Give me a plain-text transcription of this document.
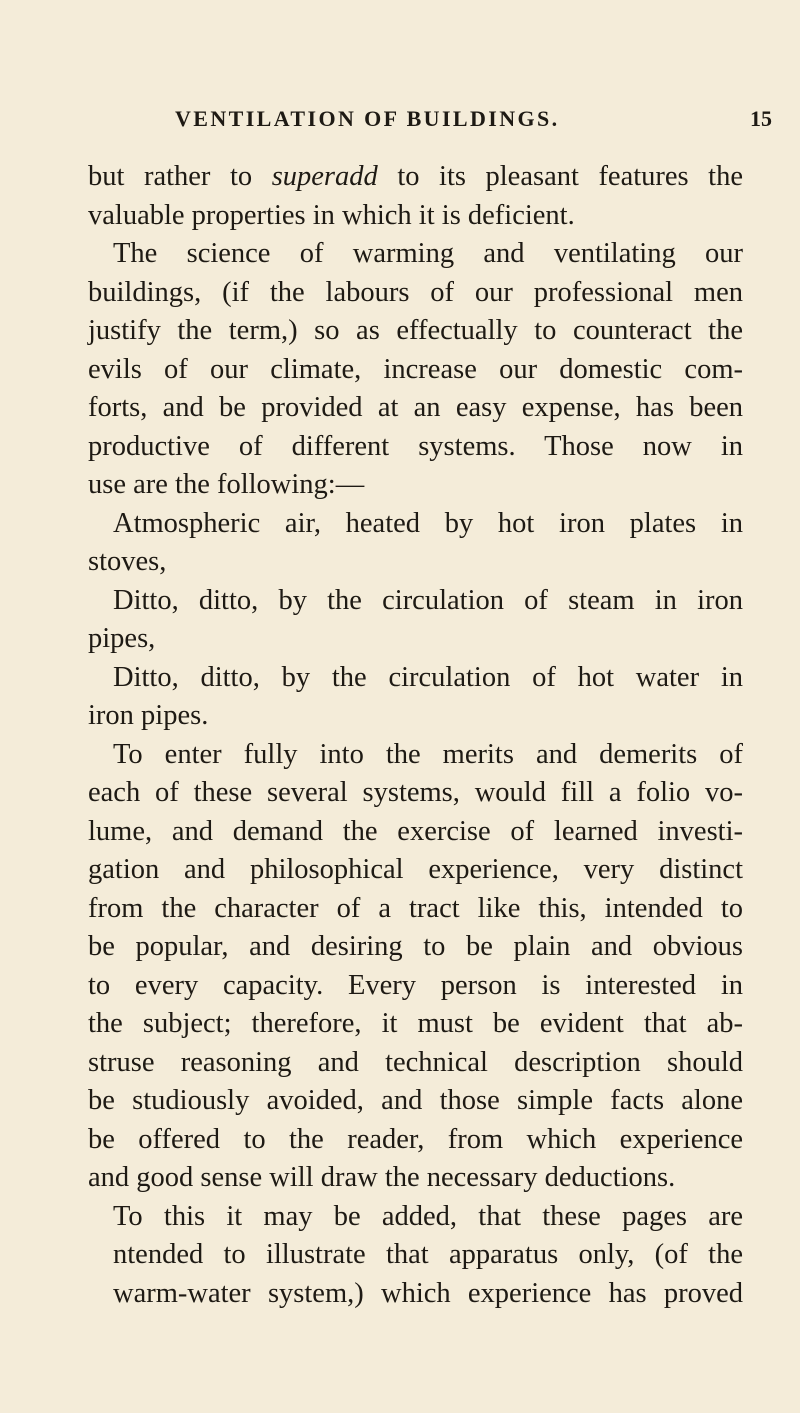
VENTILATION OF BUILDINGS.	15
but rather to superadd to its pleasant features the
valuable properties in which it is deficient.
The science of warming and ventilating our
buildings, (if the labours of our professional men
justify the term,) so as effectually to counteract the
evils of our climate, increase our domestic com-
forts, and be provided at an easy expense, has been
productive of different systems. Those now in
use are the following:—
Atmospheric air, heated by hot iron plates in
stoves,
Ditto, ditto, by the circulation of steam in iron
pipes,
Ditto, ditto, by the circulation of hot water in
iron pipes.
To enter fully into the merits and demerits of
each of these several systems, would fill a folio vo-
lume, and demand the exercise of learned investi-
gation and philosophical experience, very distinct
from the character of a tract like this, intended to
be popular, and desiring to be plain and obvious
to every capacity. Every person is interested in
the subject; therefore, it must be evident that ab-
struse reasoning and technical description should
be studiously avoided, and those simple facts alone
be offered to the reader, from which experience
and good sense will draw the necessary deductions.
To this it may be added, that these pages are
ntended to illustrate that apparatus only, (of the
warm-water system,) which experience has proved
